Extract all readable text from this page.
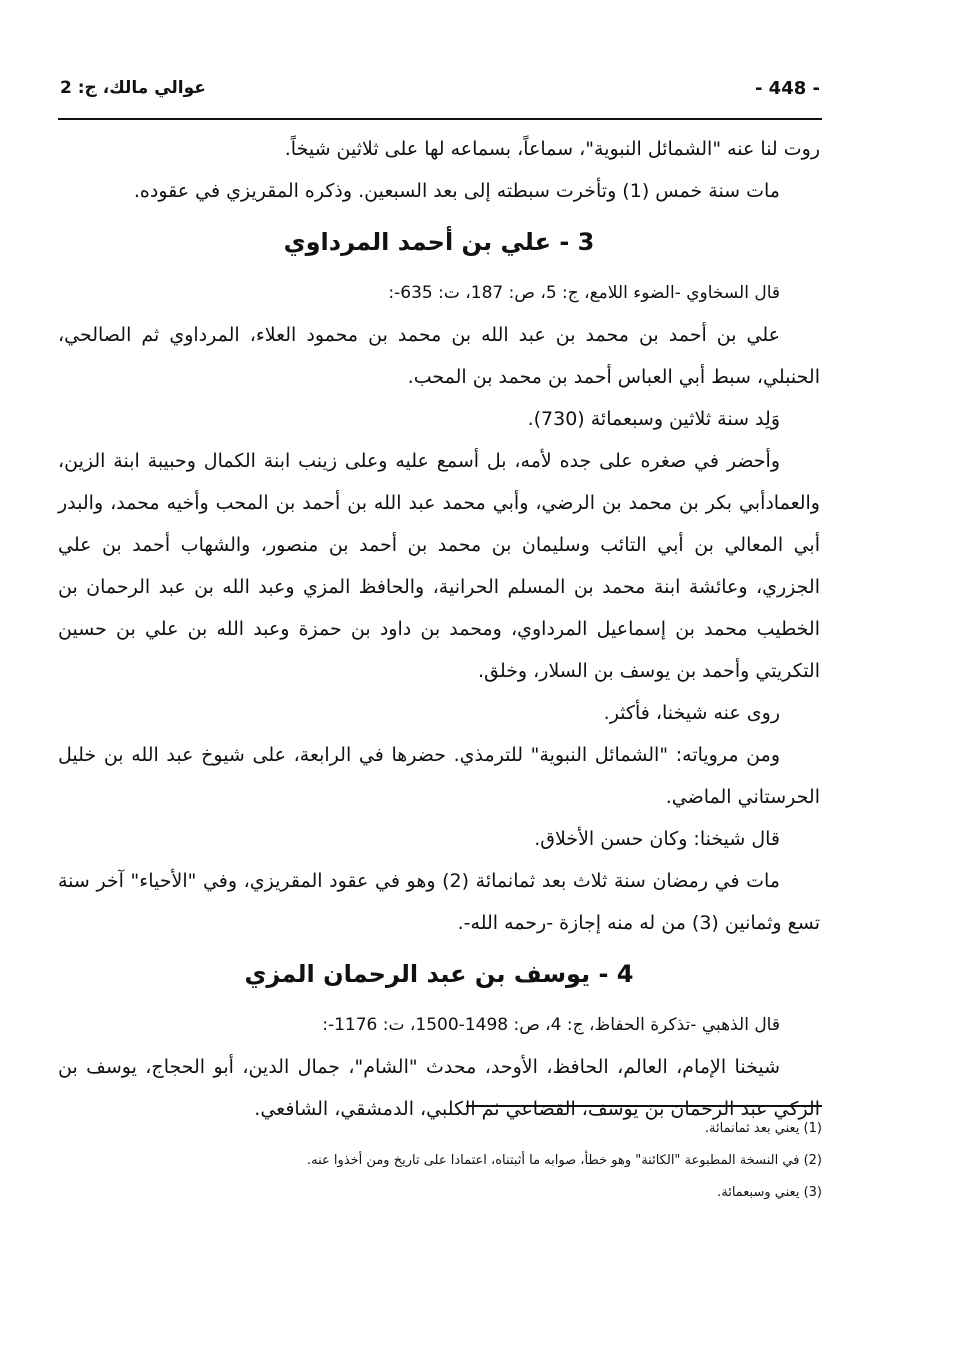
- 448 -
عوالي مالك، ج: 2

روت لنا عنه "الشمائل النبوية"، سماعاً، بسماعه لها على ثلاثين شيخاً.

مات سنة خمس (1) وتأخرت سبطته إلى بعد السبعين. وذكره المقريزي في عقوده.

3 - علي بن أحمد المرداوي

قال السخاوي -الضوء اللامع، ج: 5، ص: 187، ت: 635-:

علي بن أحمد بن محمد بن عبد الله بن محمد بن محمود العلاء، المرداوي ثم الصالحي، الحنبلي، سبط أبي العباس أحمد بن محمد بن المحب.

وَلِد سنة ثلاثين وسبعمائة (730).

وأحضر في صغره على جده لأمه، بل أسمع عليه وعلى زينب ابنة الكمال وحبيبة ابنة الزين، والعمادأبي بكر بن محمد بن الرضي، وأبي محمد عبد الله بن أحمد بن المحب وأخيه محمد، والبدر أبي المعالي بن أبي التائب وسليمان بن محمد بن أحمد بن منصور، والشهاب أحمد بن علي الجزري، وعائشة ابنة محمد بن المسلم الحرانية، والحافظ المزي وعبد الله بن عبد الرحمان بن الخطيب محمد بن إسماعيل المرداوي، ومحمد بن داود بن حمزة وعبد الله بن علي بن حسين التكريتي وأحمد بن يوسف بن السلار، وخلق.

روى عنه شيخنا، فأكثر.

ومن مروياته: "الشمائل النبوية" للترمذي. حضرها في الرابعة، على شيوخ عبد الله بن خليل الحرستاني الماضي.

قال شيخنا: وكان حسن الأخلاق.

مات في رمضان سنة ثلاث بعد ثمانمائة (2) وهو في عقود المقريزي، وفي "الأحياء" آخر سنة تسع وثمانين (3) من له منه إجازة -رحمه الله-.

4 - يوسف بن عبد الرحمان المزي

قال الذهبي -تذكرة الحفاظ، ج: 4، ص: 1498-1500، ت: 1176-:

شيخنا الإمام، العالم، الحافظ، الأوحد، محدث "الشام"، جمال الدين، أبو الحجاج، يوسف بن الزكي عبد الرحمان بن يوسف، القضاعي ثم الكلبي، الدمشقي، الشافعي.

(1) يعني بعد ثمانمائة.

(2) في النسخة المطبوعة "الكائنة" وهو خطأ، صوابه ما أثبتناه، اعتمادا على تاريخ ومن أخذوا عنه.

(3) يعني وسبعمائة.
